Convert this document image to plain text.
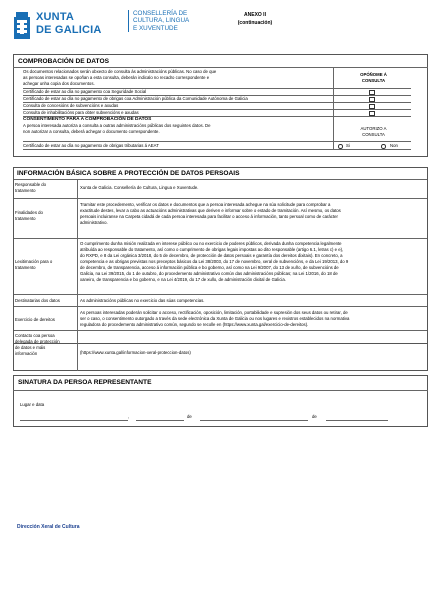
XUNTA
DE GALICIA
CONSELLERÍA DE
CULTURA, LINGUA
E XUVENTUDE
ANEXO II
(continuación)
COMPROBACIÓN DE DATOS
Os documentos relacionados serán obxecto de consulta ás administracións públicas. No caso de que
as persoas interesadas se opoñan a esta consulta, deberán indicalo no recadro correspondente e
achegar unha copia dos documentos.
OPÓÑOME Á
CONSULTA
Certificado de estar ao día no pagamento coa Seguridade Social
Certificado de estar ao día no pagamento de obrigas coa Administración pública da Comunidade Autónoma de Galicia
Consulta de concesións de subvencións e axudas
Consulta de inhabilitacións para obter subvencións e axudas
CONSENTIMENTO PARA A COMPROBACIÓN DE DATOS
A persoa interesada autoriza a consulta a outras administracións públicas dos seguintes datos. De
non autorizar a consulta, deberá achegar o documento correspondente.
AUTORIZO A
CONSULTA
Certificado de estar ao día no pagamento de obrigas tributarias á AEAT	Si	Non
INFORMACIÓN BÁSICA SOBRE A PROTECCIÓN DE DATOS PERSOAIS
Responsable do
tratamento
Xunta de Galicia. Consellería de Cultura, Lingua e Xuventude.
Finalidades do
tratamento
Tramitar este procedemento, verificar os datos e documentos que a persoa interesada achegue na súa solicitude para comprobar a
exactitude destes, levar a cabo as actuacións administrativas que deriven e informar sobre o estado de tramitación. Así mesmo, os datos
persoais incluiranse na Carpeta cidadá de cada persoa interesada para facilitar o acceso á información, tanto persoal como de carácter
administrativo.
Lexitimación para o
tratamento
O cumprimento dunha misión realizada en interese público ou no exercicio de poderes públicos, derivada dunha competencia legalmente
atribuída ao responsable do tratamento, así como o cumprimento de obrigas legais impostas ao dito responsable (artigo 6.1, letras c) e e),
do RXPD, e 8 da Lei orgánica 3/2018, do 5 de decembro, de protección de datos persoais e garantía dos dereitos dixitais). En concreto, a
competencia e as obrigas previstas nos preceptos básicos da Lei 38/2003, do 17 de novembro, xeral de subvencións, e da Lei 19/2013, do 9
de decembro, de transparencia, acceso á información pública e bo goberno, así como na Lei 9/2007, do 13 de xuño, de subvencións de
Galicia, na Lei 39/2015, do 1 de outubro, do procedemento administrativo común das administracións públicas; na Lei 1/2016, do 18 de
xaneiro, de transparencia e bo goberno, e na Lei 4/2019, do 17 de xullo, de administración dixital de Galicia.
Destinatarias dos datos	As administracións públicas no exercicio das súas competencias.
Exercicio de dereitos
As persoas interesadas poderán solicitar o acceso, rectificación, oposición, limitación, portabilidade e supresión dos seus datos ou retirar, de
ser o caso, o consentimento outorgado a través da sede electrónica da Xunta de Galicia ou nos lugares e rexistros establecidos na normativa
reguladora do procedemento administrativo común, segundo se recolle en (https://www.xunta.gal/exercicio-de-dereitos).
Contacto coa persoa
delegada de protección
de datos e máis
información	(https://www.xunta.gal/informacion-xeral-proteccion-datos)
SINATURA DA PERSOA REPRESENTANTE
Lugar e data
,	de	de
Dirección Xeral de Cultura
